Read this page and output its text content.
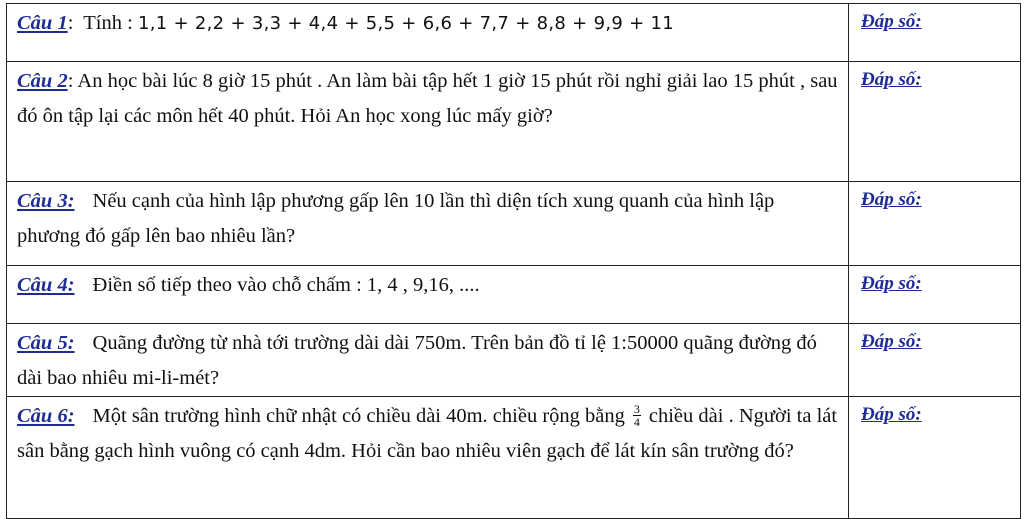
Câu 1:  Tính : 1,1 + 2,2 + 3,3 + 4,4 + 5,5 + 6,6 + 7,7 + 8,8 + 9,9 + 11	Đáp số:

Câu 2: An học bài lúc 8 giờ 15 phút . An làm bài tập hết 1 giờ 15 phút rồi nghỉ giải lao 15 phút , sau đó ôn tập lại các môn hết 40 phút. Hỏi An học xong lúc mấy giờ?	Đáp số:

Câu 3: Nếu cạnh của hình lập phương gấp lên 10 lần thì diện tích xung quanh của hình lập phương đó gấp lên bao nhiêu lần?	Đáp số:

Câu 4: Điền số tiếp theo vào chỗ chấm : 1, 4 , 9,16, ....	Đáp số:

Câu 5: Quãng đường từ nhà tới trường dài dài 750m. Trên bản đồ tỉ lệ 1:50000 quãng đường đó dài bao nhiêu mi-li-mét?	Đáp số:

Câu 6: Một sân trường hình chữ nhật có chiều dài 40m. chiều rộng bằng $\frac{3}{4}$ chiều dài . Người ta lát sân bằng gạch hình vuông có cạnh 4dm. Hỏi cần bao nhiêu viên gạch để lát kín sân trường đó?	Đáp số:
